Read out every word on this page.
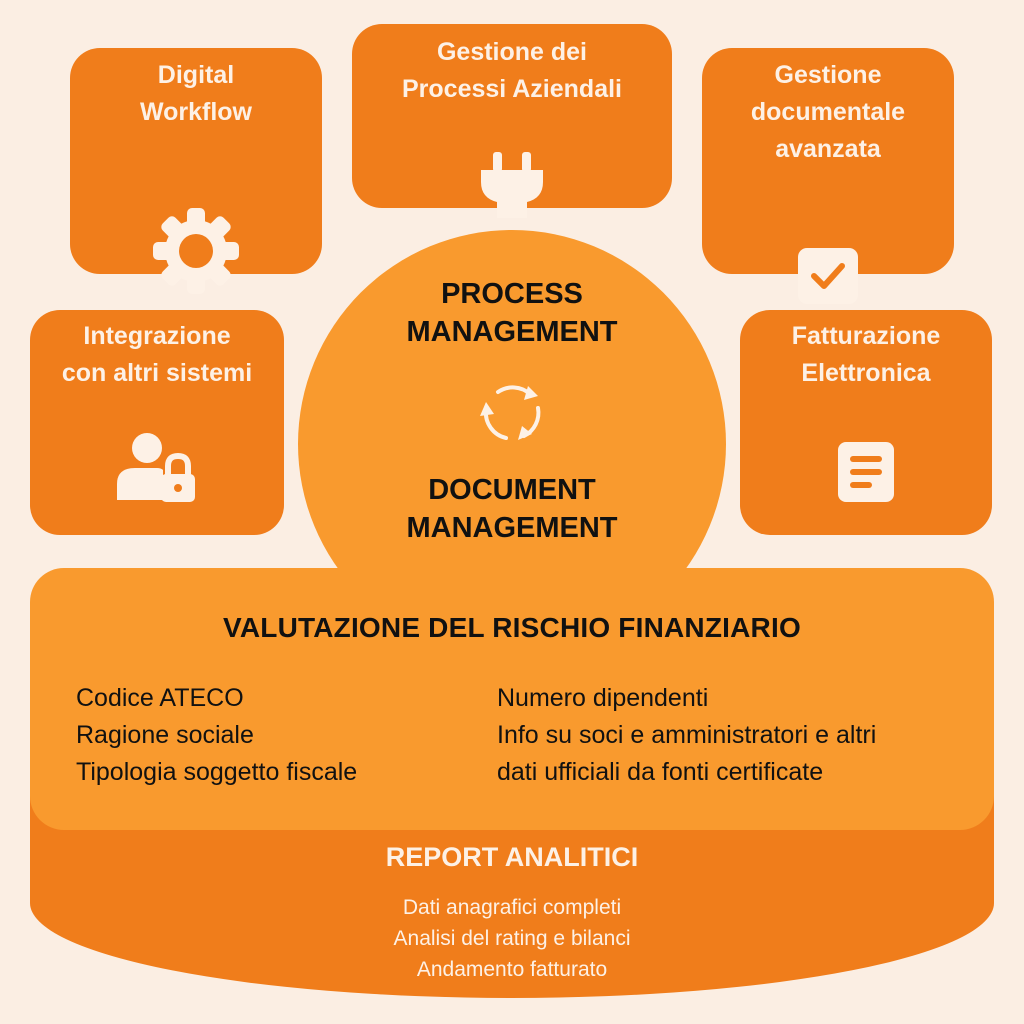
Digital
Workflow
Gestione dei
Processi Aziendali	Gestione
documentale
avanzata
Integrazione
con altri sistemi
Fatturazione
Elettronica
PROCESS
MANAGEMENT
DOCUMENT
MANAGEMENT
VALUTAZIONE DEL RISCHIO FINANZIARIO
Codice ATECO
Ragione sociale
Tipologia soggetto fiscale
Numero dipendenti
Info su soci e amministratori e altri
dati ufficiali da fonti certificate
REPORT ANALITICI
Dati anagrafici completi
Analisi del rating e bilanci
Andamento fatturato
